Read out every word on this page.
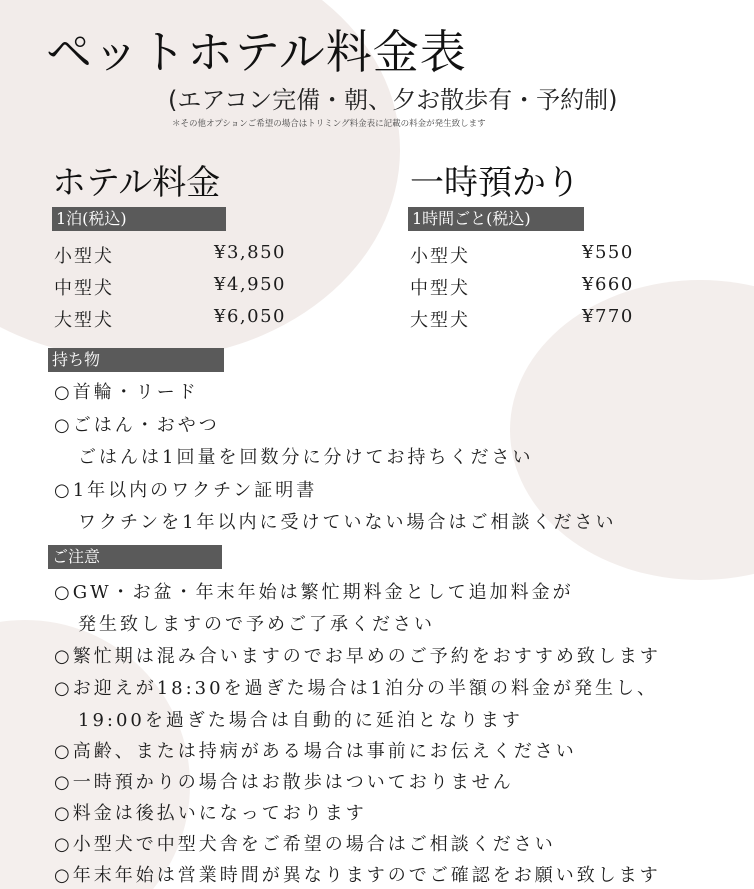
ペットホテル料金表
(エアコン完備・朝、夕お散歩有・予約制)
＊その他オプションご希望の場合はトリミング料金表に記載の料金が発生致します
ホテル料金
1泊(税込)
小型犬	¥3,850
中型犬	¥4,950
大型犬	¥6,050
一時預かり
1時間ごと(税込)
小型犬	¥550
中型犬	¥660
大型犬	¥770
持ち物
○首輪・リード
○ごはん・おやつ
ごはんは1回量を回数分に分けてお持ちください
○1年以内のワクチン証明書
ワクチンを1年以内に受けていない場合はご相談ください
ご注意
○GW・お盆・年末年始は繁忙期料金として追加料金が
発生致しますので予めご了承ください
○繁忙期は混み合いますのでお早めのご予約をおすすめ致します
○お迎えが18:30を過ぎた場合は1泊分の半額の料金が発生し、
19:00を過ぎた場合は自動的に延泊となります
○高齢、または持病がある場合は事前にお伝えください
○一時預かりの場合はお散歩はついておりません
○料金は後払いになっております
○小型犬で中型犬舎をご希望の場合はご相談ください
○年末年始は営業時間が異なりますのでご確認をお願い致します
